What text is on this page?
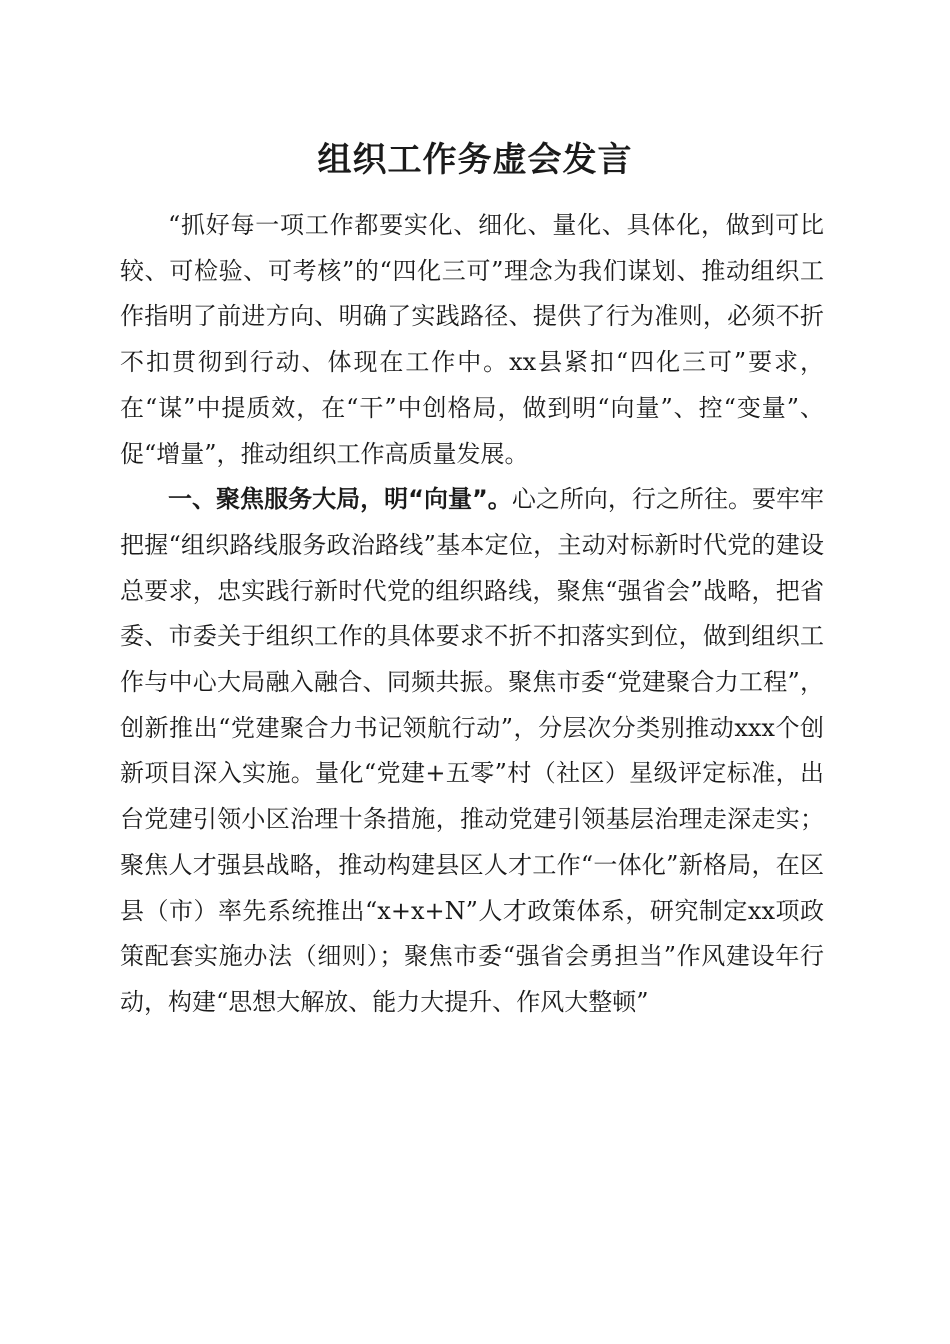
组织工作务虚会发言

“抓好每一项工作都要实化、细化、量化、具体化，做到可比较、可检验、可考核”的“四化三可”理念为我们谋划、推动组织工作指明了前进方向、明确了实践路径、提供了行为准则，必须不折不扣贯彻到行动、体现在工作中。xx县紧扣“四化三可”要求，在“谋”中提质效，在“干”中创格局，做到明“向量”、控“变量”、促“增量”，推动组织工作高质量发展。

一、聚焦服务大局，明“向量”。心之所向，行之所往。要牢牢把握“组织路线服务政治路线”基本定位，主动对标新时代党的建设总要求，忠实践行新时代党的组织路线，聚焦“强省会”战略，把省委、市委关于组织工作的具体要求不折不扣落实到位，做到组织工作与中心大局融入融合、同频共振。聚焦市委“党建聚合力工程”，创新推出“党建聚合力书记领航行动”，分层次分类别推动xxx个创新项目深入实施。量化“党建+五零”村（社区）星级评定标准，出台党建引领小区治理十条措施，推动党建引领基层治理走深走实；聚焦人才强县战略，推动构建县区人才工作“一体化”新格局，在区县（市）率先系统推出“x+x+N”人才政策体系，研究制定xx项政策配套实施办法（细则）；聚焦市委“强省会勇担当”作风建设年行动，构建“思想大解放、能力大提升、作风大整顿”
